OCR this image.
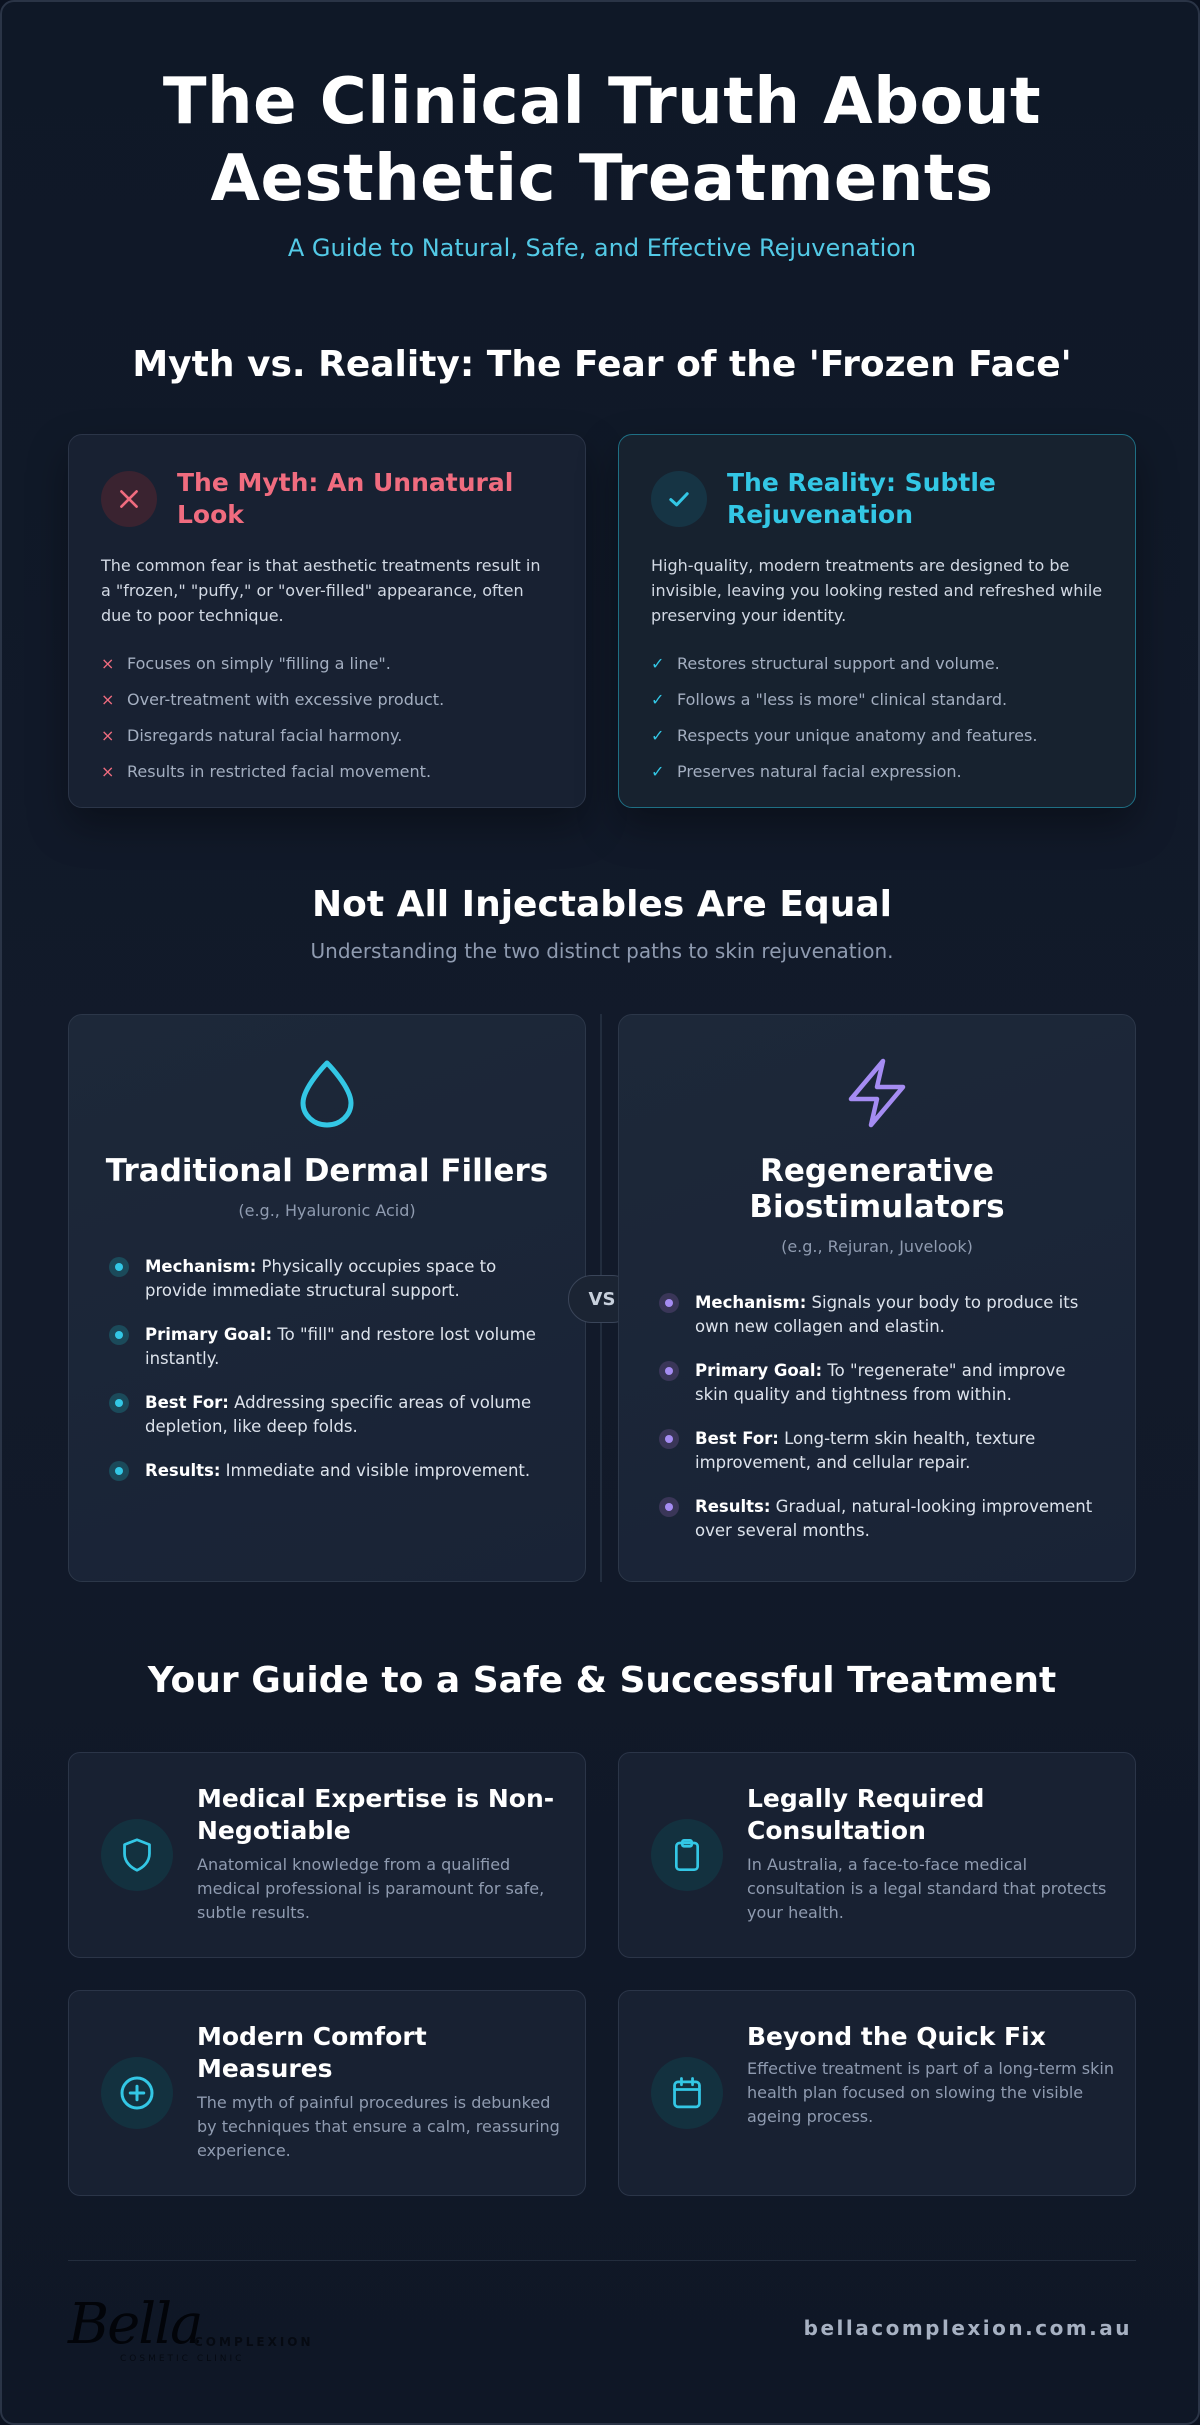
The Clinical Truth About
Aesthetic Treatments
A Guide to Natural, Safe, and Effective Rejuvenation
Myth vs. Reality: The Fear of the 'Frozen Face'
The Myth: An Unnatural Look
The common fear is that aesthetic treatments result in a "frozen," "puffy," or "over-filled" appearance, often due to poor technique.
× Focuses on simply "filling a line".
× Over-treatment with excessive product.
× Disregards natural facial harmony.
× Results in restricted facial movement.
The Reality: Subtle Rejuvenation
High-quality, modern treatments are designed to be invisible, leaving you looking rested and refreshed while preserving your identity.
✓ Restores structural support and volume.
✓ Follows a "less is more" clinical standard.
✓ Respects your unique anatomy and features.
✓ Preserves natural facial expression.
Not All Injectables Are Equal
Understanding the two distinct paths to skin rejuvenation.
Traditional Dermal Fillers
(e.g., Hyaluronic Acid)
Mechanism: Physically occupies space to provide immediate structural support.
Primary Goal: To "fill" and restore lost volume instantly.
Best For: Addressing specific areas of volume depletion, like deep folds.
Results: Immediate and visible improvement.
VS
Regenerative
Biostimulators
(e.g., Rejuran, Juvelook)
Mechanism: Signals your body to produce its own new collagen and elastin.
Primary Goal: To "regenerate" and improve skin quality and tightness from within.
Best For: Long-term skin health, texture improvement, and cellular repair.
Results: Gradual, natural-looking improvement over several months.
Your Guide to a Safe & Successful Treatment
Medical Expertise is Non-Negotiable
Anatomical knowledge from a qualified medical professional is paramount for safe, subtle results.
Legally Required Consultation
In Australia, a face-to-face medical consultation is a legal standard that protects your health.
Modern Comfort Measures
The myth of painful procedures is debunked by techniques that ensure a calm, reassuring experience.
Beyond the Quick Fix
Effective treatment is part of a long-term skin health plan focused on slowing the visible ageing process.
Bella
COMPLEXION
COSMETIC CLINIC
bellacomplexion.com.au
